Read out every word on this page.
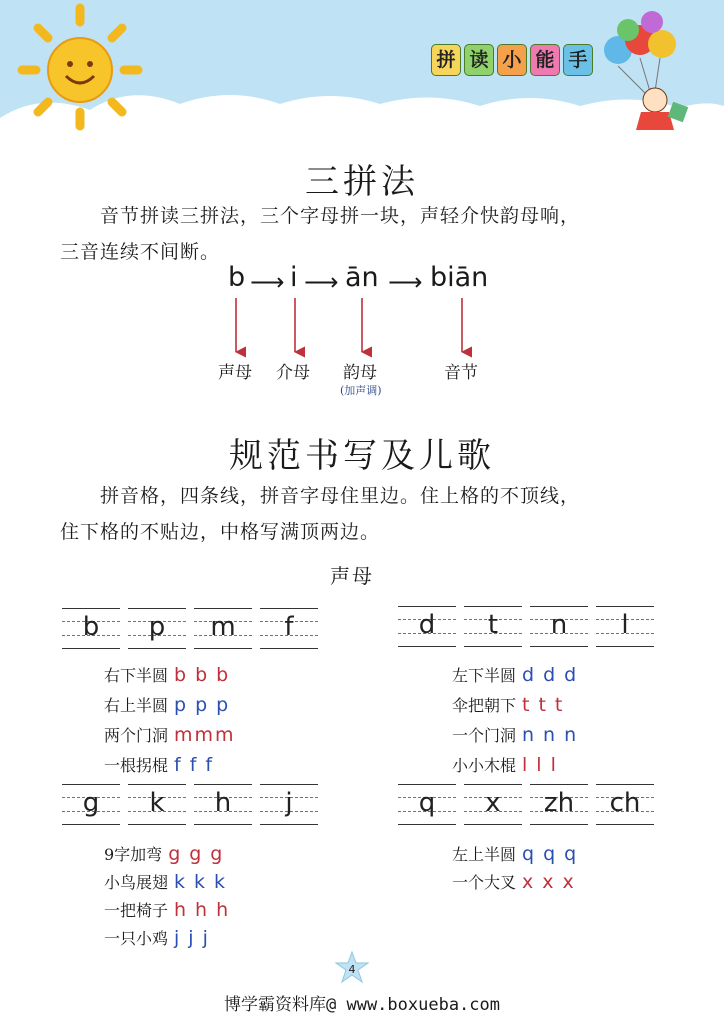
拼 读 小 能 手
三拼法
音节拼读三拼法，三个字母拼一块，声轻介快韵母响，
三音连续不间断。
b ⟶ i ⟶ ān ⟶ biān
声母 介母 韵母	音节
(加声调)
规范书写及儿歌
拼音格，四条线，拼音字母住里边。住上格的不顶线，
住下格的不贴边，中格写满顶两边。
声母
b	p	m	f
右下半圆 bbb
右上半圆 ppp
两个门洞 mmm
一根拐棍 fff
d	t	n	l
左下半圆 ddd
伞把朝下 ttt
一个门洞 nnn
小小木棍 lll
g	k	h	j
9字加弯 ggg
小鸟展翅 kkk
一把椅子 hhh
一只小鸡 jjj
q	x	zh	ch
左上半圆 qqq
一个大叉 xxx
4
博学霸资料库@ www.boxueba.com
